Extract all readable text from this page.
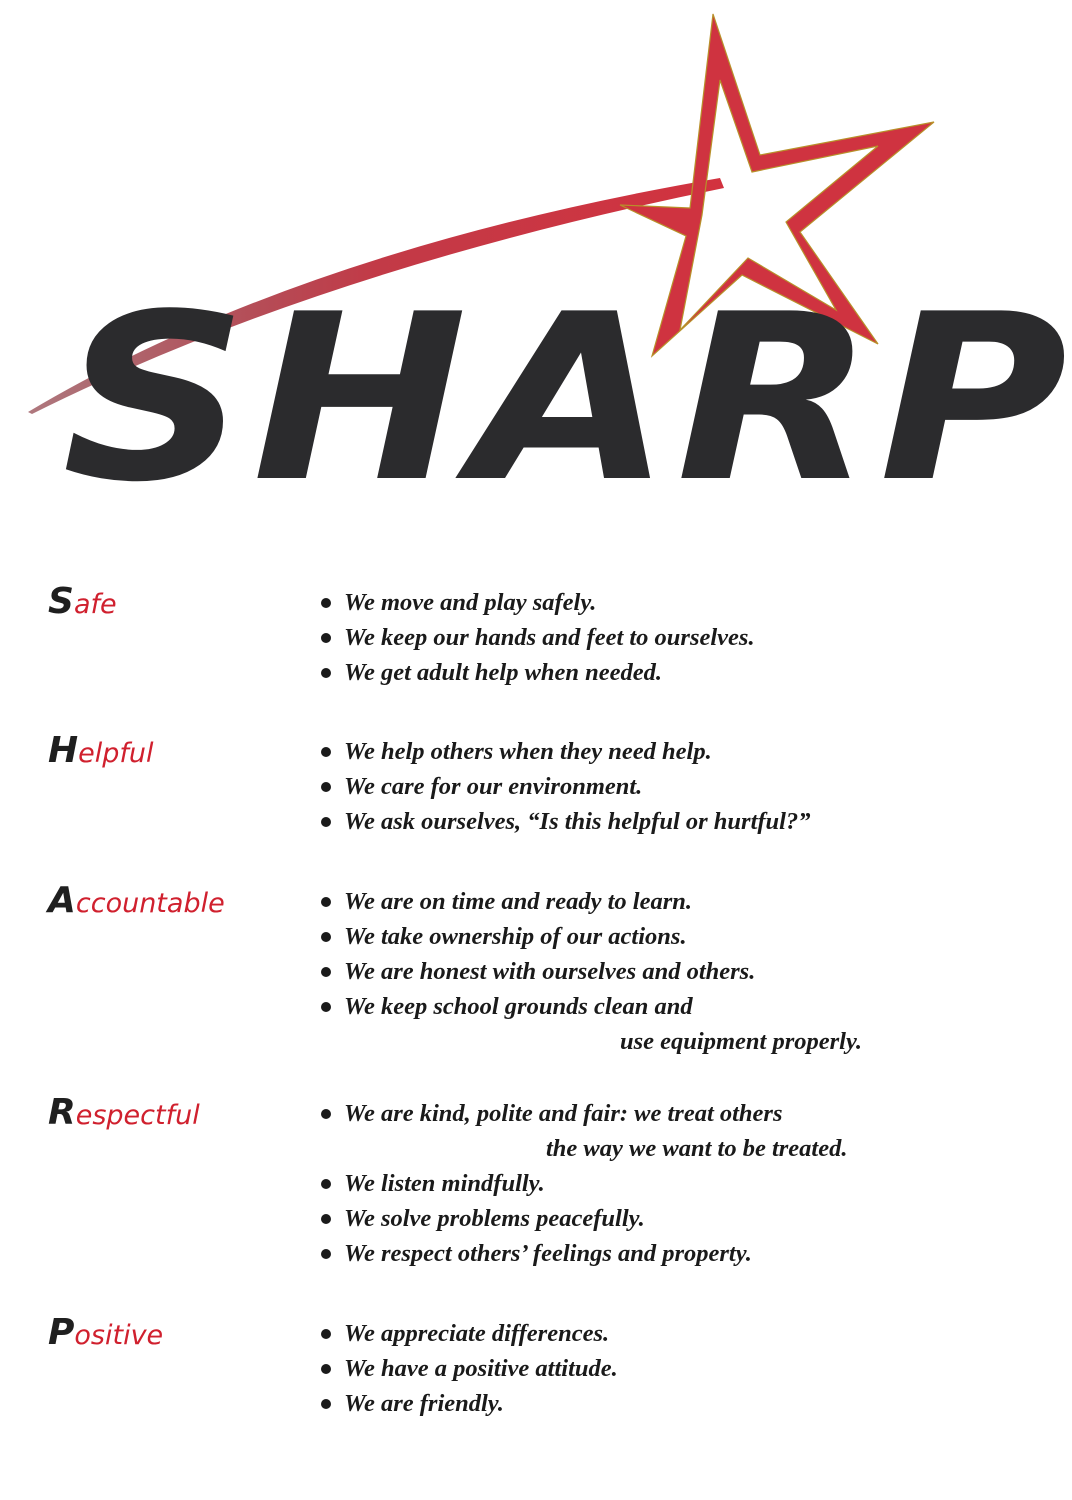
SHARP
Safe	We move and play safely.
We keep our hands and feet to ourselves.
We get adult help when needed.
Helpful	We help others when they need help.
We care for our environment.
We ask ourselves, “Is this helpful or hurtful?”
Accountable	We are on time and ready to learn.
We take ownership of our actions.
We are honest with ourselves and others.
We keep school grounds clean and
use equipment properly.
Respectful	We are kind, polite and fair: we treat others
the way we want to be treated.
We listen mindfully.
We solve problems peacefully.
We respect others’ feelings and property.
Positive	We appreciate differences.
We have a positive attitude.
We are friendly.
